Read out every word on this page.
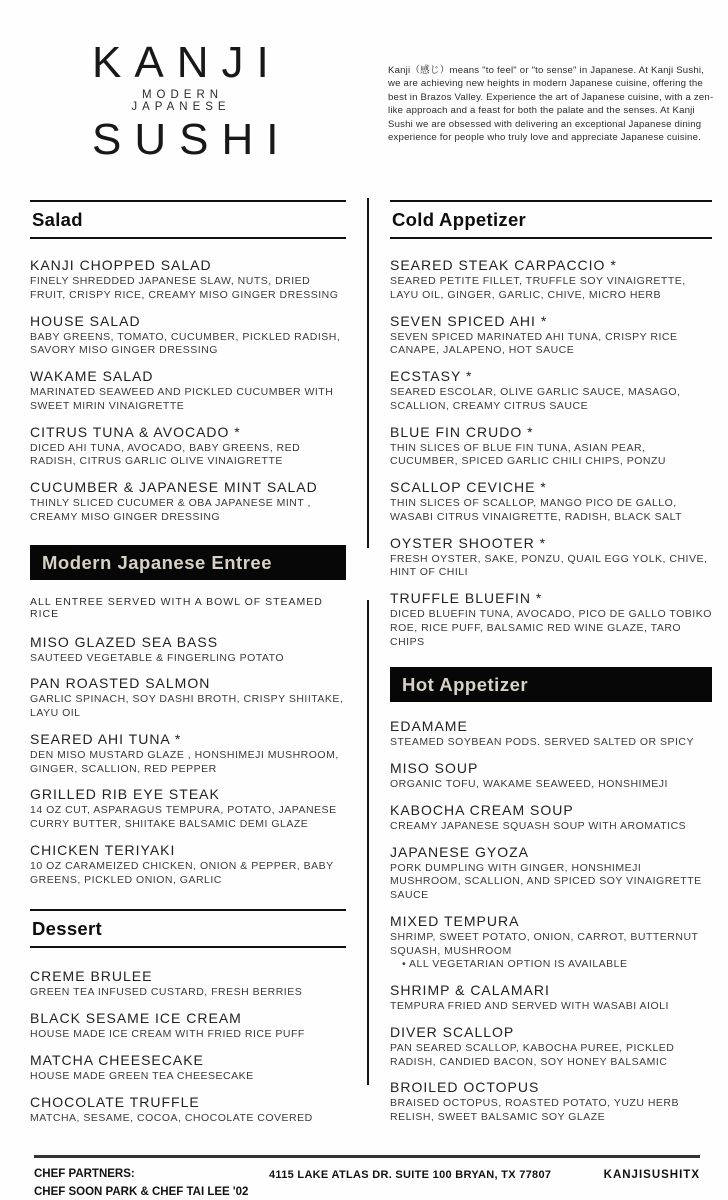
KANJI
MODERN JAPANESE
SUSHI

Kanji（感じ）means "to feel" or "to sense" in Japanese. At Kanji Sushi, we are achieving new heights in modern Japanese cuisine, offering the best in Brazos Valley. Experience the art of Japanese cuisine, with a zen-like approach and a feast for both the palate and the senses. At Kanji Sushi we are obsessed with delivering an exceptional Japanese dining experience for people who truly love and appreciate Japanese cuisine.

Salad
KANJI CHOPPED SALAD
FINELY SHREDDED JAPANESE SLAW, NUTS, DRIED FRUIT, CRISPY RICE, CREAMY MISO GINGER DRESSING
HOUSE SALAD
BABY GREENS, TOMATO, CUCUMBER, PICKLED RADISH, SAVORY MISO GINGER DRESSING
WAKAME SALAD
MARINATED SEAWEED AND PICKLED CUCUMBER WITH SWEET MIRIN VINAIGRETTE
CITRUS TUNA & AVOCADO *
DICED AHI TUNA, AVOCADO, BABY GREENS, RED RADISH, CITRUS GARLIC OLIVE VINAIGRETTE
CUCUMBER & JAPANESE MINT SALAD
THINLY SLICED CUCUMER & OBA JAPANESE MINT , CREAMY MISO GINGER DRESSING
Modern Japanese Entree

ALL ENTREE SERVED WITH A BOWL OF STEAMED RICE

MISO GLAZED SEA BASS
SAUTEED VEGETABLE & FINGERLING POTATO
PAN ROASTED SALMON
GARLIC SPINACH, SOY DASHI BROTH, CRISPY SHIITAKE, LAYU OIL
SEARED AHI TUNA *
DEN MISO MUSTARD GLAZE , HONSHIMEJI MUSHROOM, GINGER, SCALLION, RED PEPPER
GRILLED RIB EYE STEAK
14 OZ CUT, ASPARAGUS TEMPURA, POTATO, JAPANESE CURRY BUTTER, SHIITAKE BALSAMIC DEMI GLAZE
CHICKEN TERIYAKI
10 OZ CARAMEIZED CHICKEN, ONION & PEPPER, BABY GREENS, PICKLED ONION, GARLIC
Dessert
CREME BRULEE
GREEN TEA INFUSED CUSTARD, FRESH BERRIES
BLACK SESAME ICE CREAM
HOUSE MADE ICE CREAM WITH FRIED RICE PUFF
MATCHA CHEESECAKE
HOUSE MADE GREEN TEA CHEESECAKE
CHOCOLATE TRUFFLE
MATCHA, SESAME, COCOA, CHOCOLATE COVERED
Cold Appetizer
SEARED STEAK CARPACCIO *
SEARED PETITE FILLET, TRUFFLE SOY VINAIGRETTE, LAYU OIL, GINGER, GARLIC, CHIVE, MICRO HERB
SEVEN SPICED AHI *
SEVEN SPICED MARINATED AHI TUNA, CRISPY RICE CANAPE, JALAPENO, HOT SAUCE
ECSTASY *
SEARED ESCOLAR, OLIVE GARLIC SAUCE, MASAGO, SCALLION, CREAMY CITRUS SAUCE
BLUE FIN CRUDO *
THIN SLICES OF BLUE FIN TUNA, ASIAN PEAR, CUCUMBER, SPICED GARLIC CHILI CHIPS, PONZU
SCALLOP CEVICHE *
THIN SLICES OF SCALLOP, MANGO PICO DE GALLO, WASABI CITRUS VINAIGRETTE, RADISH, BLACK SALT
OYSTER SHOOTER *
FRESH OYSTER, SAKE, PONZU, QUAIL EGG YOLK, CHIVE, HINT OF CHILI
TRUFFLE BLUEFIN *
DICED BLUEFIN TUNA, AVOCADO, PICO DE GALLO TOBIKO ROE, RICE PUFF, BALSAMIC RED WINE GLAZE, TARO CHIPS
Hot Appetizer
EDAMAME
STEAMED SOYBEAN PODS. SERVED SALTED OR SPICY
MISO SOUP
ORGANIC TOFU, WAKAME SEAWEED, HONSHIMEJI
KABOCHA CREAM SOUP
CREAMY JAPANESE SQUASH SOUP WITH AROMATICS
JAPANESE GYOZA
PORK DUMPLING WITH GINGER, HONSHIMEJI MUSHROOM, SCALLION, AND SPICED SOY VINAIGRETTE SAUCE
MIXED TEMPURA
SHRIMP, SWEET POTATO, ONION, CARROT, BUTTERNUT SQUASH, MUSHROOM
• ALL VEGETARIAN OPTION IS AVAILABLE
SHRIMP & CALAMARI
TEMPURA FRIED AND SERVED WITH WASABI AIOLI
DIVER SCALLOP
PAN SEARED SCALLOP, KABOCHA PUREE, PICKLED RADISH, CANDIED BACON, SOY HONEY BALSAMIC
BROILED OCTOPUS
BRAISED OCTOPUS, ROASTED POTATO, YUZU HERB RELISH, SWEET BALSAMIC SOY GLAZE
CHEF PARTNERS:
CHEF SOON PARK & CHEF TAI LEE '02
4115 LAKE ATLAS DR. SUITE 100 BRYAN, TX 77807	KANJISUSHITX
